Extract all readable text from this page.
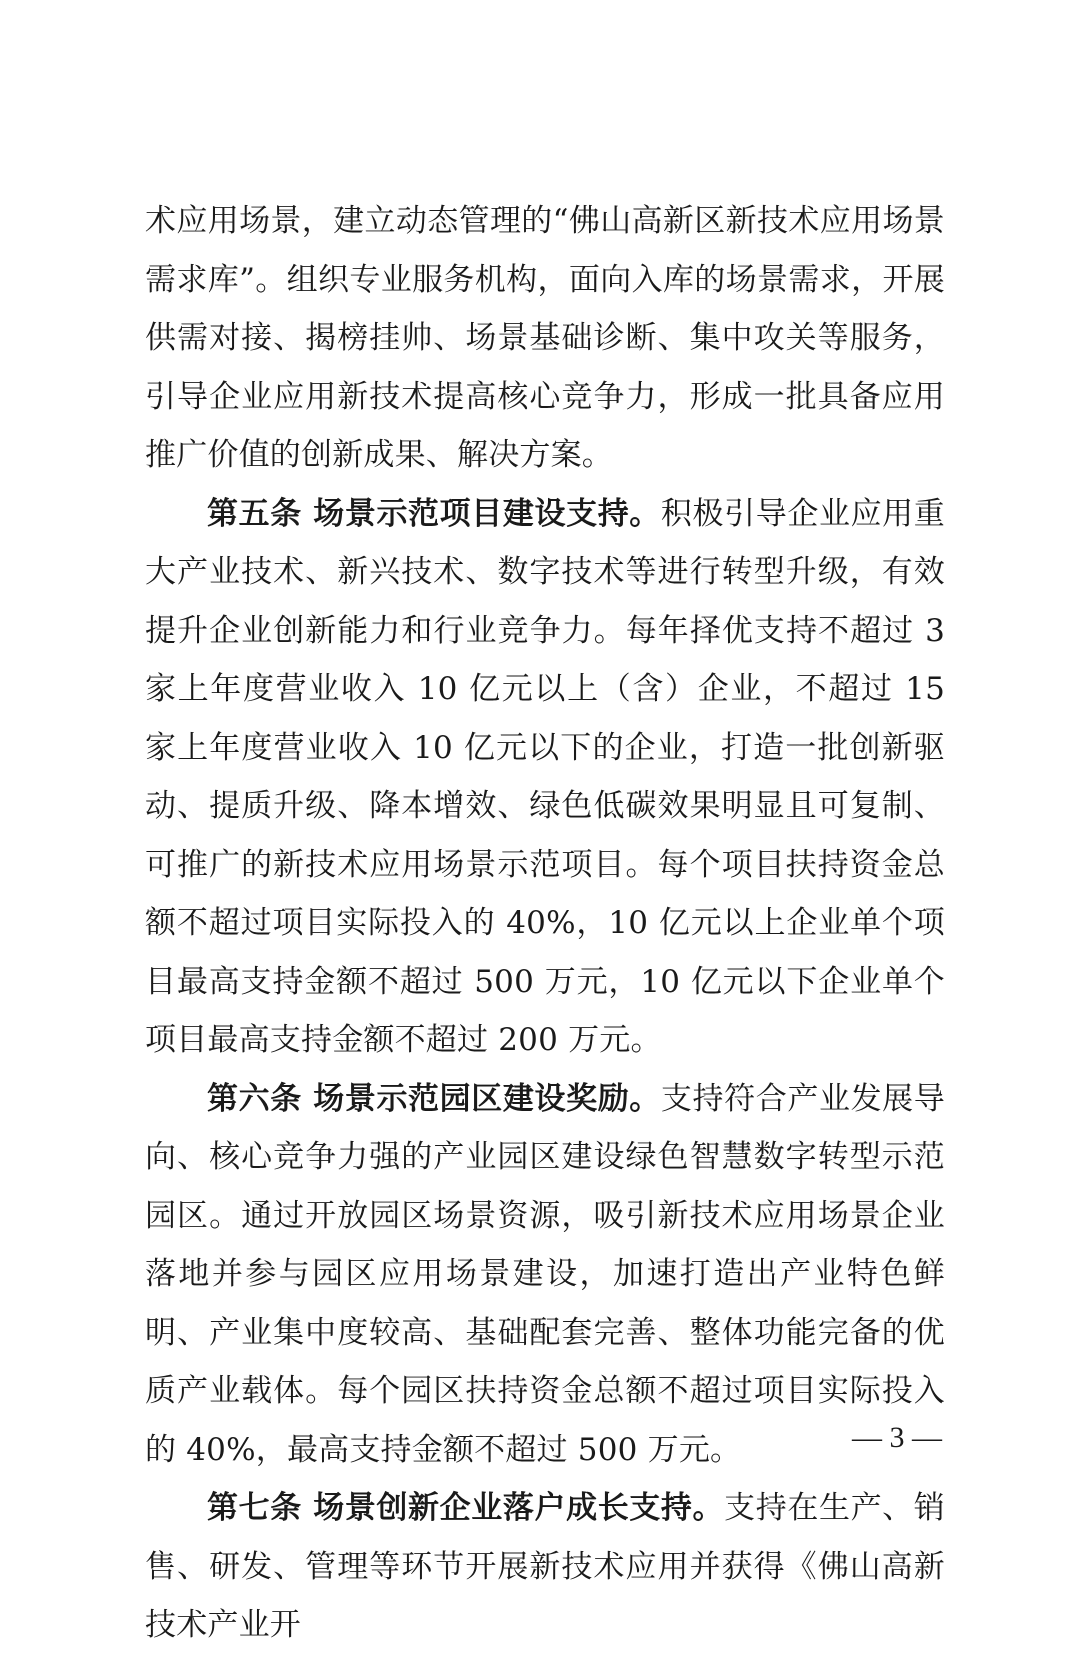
术应用场景，建立动态管理的“佛山高新区新技术应用场景需求库”。组织专业服务机构，面向入库的场景需求，开展供需对接、揭榜挂帅、场景基础诊断、集中攻关等服务，引导企业应用新技术提高核心竞争力，形成一批具备应用推广价值的创新成果、解决方案。

第五条 场景示范项目建设支持。积极引导企业应用重大产业技术、新兴技术、数字技术等进行转型升级，有效提升企业创新能力和行业竞争力。每年择优支持不超过 3 家上年度营业收入 10 亿元以上（含）企业，不超过 15 家上年度营业收入 10 亿元以下的企业，打造一批创新驱动、提质升级、降本增效、绿色低碳效果明显且可复制、可推广的新技术应用场景示范项目。每个项目扶持资金总额不超过项目实际投入的 40%，10 亿元以上企业单个项目最高支持金额不超过 500 万元，10 亿元以下企业单个项目最高支持金额不超过 200 万元。

第六条 场景示范园区建设奖励。支持符合产业发展导向、核心竞争力强的产业园区建设绿色智慧数字转型示范园区。通过开放园区场景资源，吸引新技术应用场景企业落地并参与园区应用场景建设，加速打造出产业特色鲜明、产业集中度较高、基础配套完善、整体功能完备的优质产业载体。每个园区扶持资金总额不超过项目实际投入的 40%，最高支持金额不超过 500 万元。

第七条 场景创新企业落户成长支持。支持在生产、销售、研发、管理等环节开展新技术应用并获得《佛山高新技术产业开

— 3 —
